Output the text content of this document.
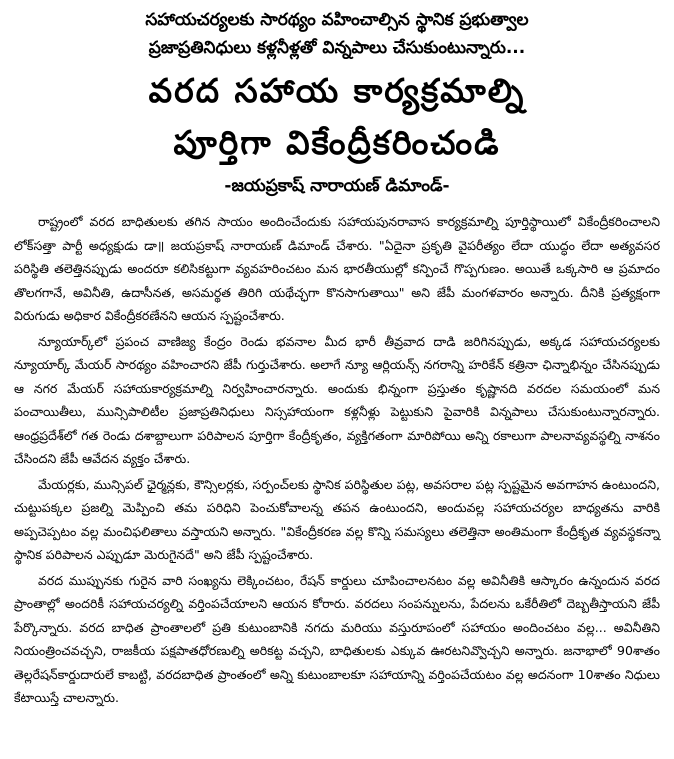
సహాయచర్యలకు సారథ్యం వహించాల్సిన స్థానిక ప్రభుత్వాల
ప్రజాప్రతినిధులు కళ్లనీళ్లతో విన్నపాలు చేసుకుంటున్నారు...
వరద సహాయ కార్యక్రమాల్ని
పూర్తిగా వికేంద్రీకరించండి
-జయప్రకాష్ నారాయణ్ డిమాండ్-

రాష్ట్రంలో వరద బాధితులకు తగిన సాయం అందించేందుకు సహాయపునరావాస కార్యక్రమాల్ని పూర్తిస్థాయిలో వికేంద్రీకరించాలని లోక్‌సత్తా పార్టీ అధ్యక్షుడు డా॥ జయప్రకాష్ నారాయణ్ డిమాండ్ చేశారు. "ఏదైనా ప్రకృతి వైపరీత్యం లేదా యుద్ధం లేదా అత్యవసర పరిస్థితి తలెత్తినప్పుడు అందరూ కలిసికట్టుగా వ్యవహరించటం మన భారతీయుల్లో కన్పించే గొప్పగుణం. అయితే ఒక్కసారి ఆ ప్రమాదం తొలగగానే, అవినీతి, ఉదాసీనత, అసమర్థత తిరిగి యథేచ్ఛగా కొనసాగుతాయి" అని జేపీ మంగళవారం అన్నారు. దీనికి ప్రత్యక్షంగా విరుగుడు అధికార వికేంద్రీకరణేనని ఆయన స్పష్టంచేశారు.

న్యూయార్క్‌లో ప్రపంచ వాణిజ్య కేంద్రం రెండు భవనాల మీద భారీ తీవ్రవాద దాడి జరిగినప్పుడు, అక్కడ సహాయచర్యలకు న్యూయార్క్ మేయర్ సారథ్యం వహించారని జేపీ గుర్తుచేశారు. అలాగే న్యూ ఆర్లియన్స్ నగరాన్ని హరికేన్ కత్రినా ఛిన్నాభిన్నం చేసినప్పుడు ఆ నగర మేయర్ సహాయకార్యక్రమాల్ని నిర్వహించారన్నారు. అందుకు భిన్నంగా ప్రస్తుతం కృష్ణానది వరదల సమయంలో మన పంచాయితీలు, మున్సిపాలిటీల ప్రజాప్రతినిధులు నిస్సహాయంగా కళ్లనీళ్లు పెట్టుకుని పైవారికి విన్నపాలు చేసుకుంటున్నారన్నారు. ఆంధ్రప్రదేశ్‌లో గత రెండు దశాబ్దాలుగా పరిపాలన పూర్తిగా కేంద్రీకృతం, వ్యక్తిగతంగా మారిపోయి అన్ని రకాలుగా పాలనావ్యవస్థల్ని నాశనం చేసిందని జేపీ ఆవేదన వ్యక్తం చేశారు.

మేయర్లకు, మున్సిపల్ ఛైర్మన్లకు, కౌన్సిలర్లకు, సర్పంచ్‌లకు స్థానిక పరిస్థితుల పట్ల, అవసరాల పట్ల స్పష్టమైన అవగాహన ఉంటుందని, చుట్టుపక్కల ప్రజల్ని మెప్పించి తమ పరిధిని పెంచుకోవాలన్న తపన ఉంటుందని, అందువల్ల సహాయచర్యల బాధ్యతను వారికి అప్పచెప్పటం వల్ల మంచిఫలితాలు వస్తాయని అన్నారు. "వికేంద్రీకరణ వల్ల కొన్ని సమస్యలు తలెత్తినా అంతిమంగా కేంద్రీకృత వ్యవస్థకన్నా స్థానిక పరిపాలన ఎప్పుడూ మెరుగైనదే" అని జేపీ స్పష్టంచేశారు.

వరద ముప్పునకు గురైన వారి సంఖ్యను లెక్కించటం, రేషన్ కార్డులు చూపించాలనటం వల్ల అవినీతికి ఆస్కారం ఉన్నందున వరద ప్రాంతాల్లో అందరికీ సహాయచర్యల్ని వర్తింపచేయాలని ఆయన కోరారు. వరదలు సంపన్నులను, పేదలను ఒకేరీతిలో దెబ్బతీస్తాయని జేపీ పేర్కొన్నారు. వరద బాధిత ప్రాంతాలలో ప్రతి కుటుంబానికి నగదు మరియు వస్తురూపంలో సహాయం అందించటం వల్ల... అవినీతిని నియంత్రించవచ్చని, రాజకీయ పక్షపాతధోరణుల్ని అరికట్ట వచ్చని, బాధితులకు ఎక్కువ ఊరటనివ్వొచ్చని అన్నారు. జనాభాలో 90శాతం తెల్లరేషన్‌కార్డుదారులే కాబట్టి, వరదబాధిత ప్రాంతంలో అన్ని కుటుంబాలకూ సహాయాన్ని వర్తింపచేయటం వల్ల అదనంగా 10శాతం నిధులు కేటాయిస్తే చాలన్నారు.
